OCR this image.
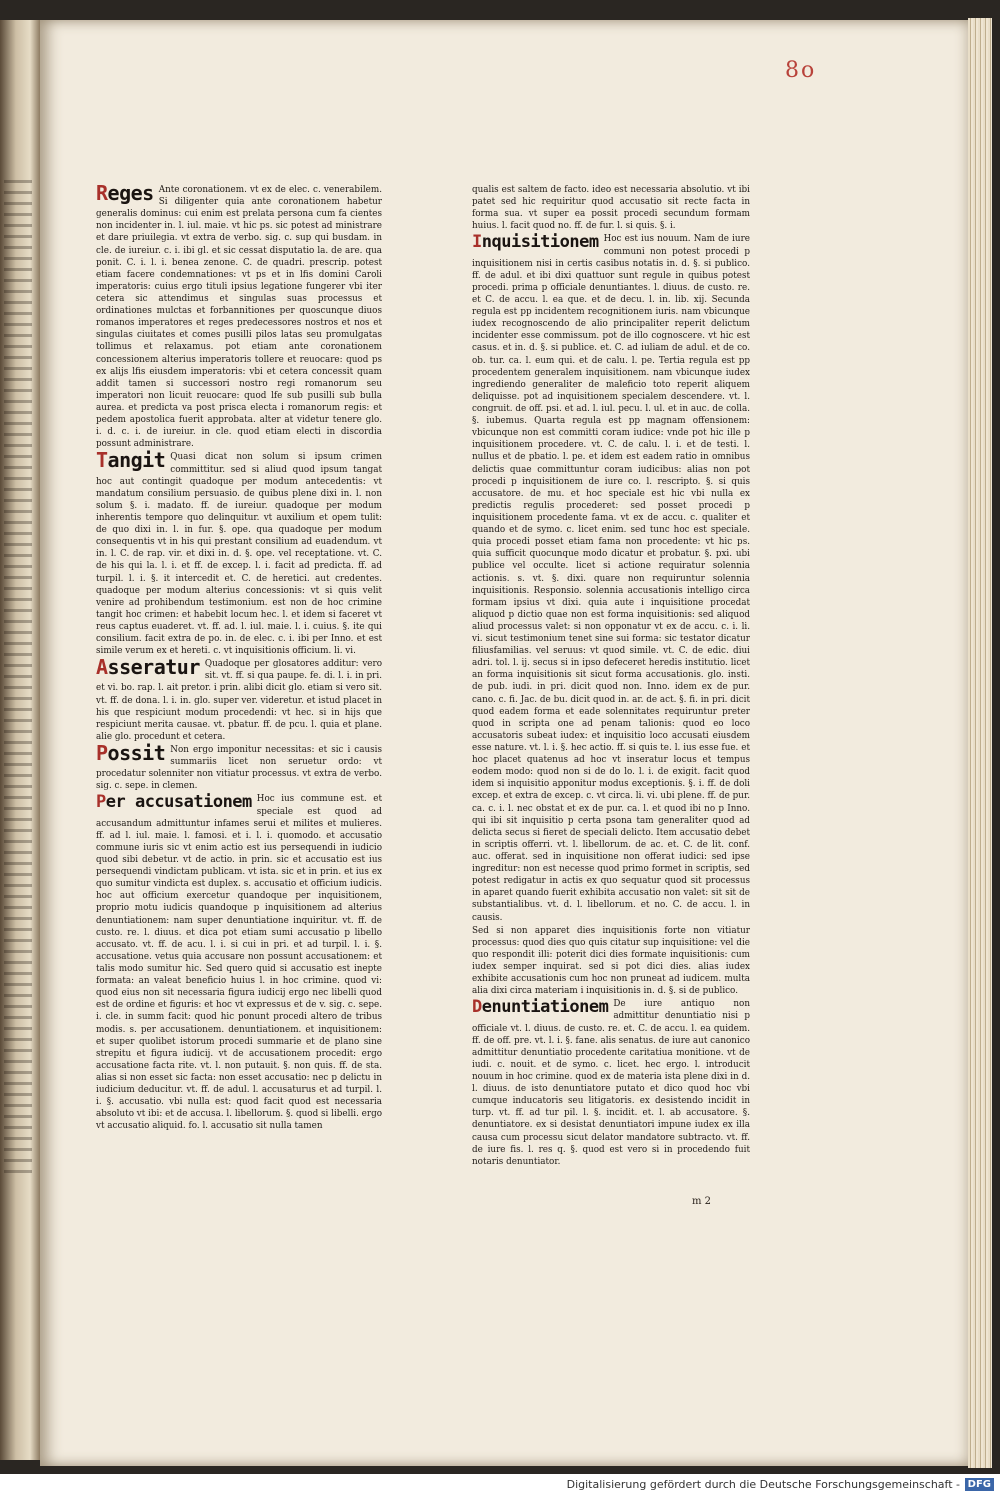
8o
Reges Ante coronationem. vt ex de elec. c. venerabilem. Si diligenter quia ante coronationem habetur generalis dominus: cui enim est prelata persona cum fa cientes non incidenter in. l. iul. maie. vt hic ps. sic potest ad ministrare et dare priuilegia. vt extra de verbo. sig. c. sup qui busdam. in cle. de iureiur. c. i. ibi gl. et sic cessat disputatio la. de are. qua ponit. C. i. l. i. benea zenone. C. de quadri. prescrip. potest etiam facere condemnationes: vt ps et in lfis domini Caroli imperatoris: cuius ergo tituli ipsius legatione fungerer vbi iter cetera sic attendimus et singulas suas processus et ordinationes mulctas et forbannitiones per quoscunque diuos romanos imperatores et reges predecessores nostros et nos et singulas ciuitates et comes pusilli pilos latas seu promulgatas tollimus et relaxamus. pot etiam ante coronationem concessionem alterius imperatoris tollere et reuocare: quod ps ex alijs lfis eiusdem imperatoris: vbi et cetera concessit quam addit tamen si successori nostro regi romanorum seu imperatori non licuit reuocare: quod lfe sub pusilli sub bulla aurea. et predicta va post prisca electa i romanorum regis: et pedem apostolica fuerit approbata. alter at videtur tenere glo. i. d. c. i. de iureiur. in cle. quod etiam electi in discordia possunt administrare.

Tangit Quasi dicat non solum si ipsum crimen committitur. sed si aliud quod ipsum tangat hoc aut contingit quadoque per modum antecedentis: vt mandatum consilium persuasio. de quibus plene dixi in. l. non solum §. i. madato. ff. de iureiur. quadoque per modum inherentis tempore quo delinquitur. vt auxilium et opem tulit: de quo dixi in. l. in fur. §. ope. qua quadoque per modum consequentis vt in his qui prestant consilium ad euadendum. vt in. l. C. de rap. vir. et dixi in. d. §. ope. vel receptatione. vt. C. de his qui la. l. i. et ff. de excep. l. i. facit ad predicta. ff. ad turpil. l. i. §. it intercedit et. C. de heretici. aut credentes. quadoque per modum alterius concessionis: vt si quis velit venire ad prohibendum testimonium. est non de hoc crimine tangit hoc crimen: et habebit locum hec. l. et idem si faceret vt reus captus euaderet. vt. ff. ad. l. iul. maie. l. i. cuius. §. ite qui consilium. facit extra de po. in. de elec. c. i. ibi per Inno. et est simile verum ex et hereti. c. vt inquisitionis officium. li. vi.

Asseratur Quadoque per glosatores additur: vero sit. vt. ff. si qua paupe. fe. di. l. i. in pri. et vi. bo. rap. l. ait pretor. i prin. alibi dicit glo. etiam si vero sit. vt. ff. de dona. l. i. in. glo. super ver. videretur. et istud placet in his que respiciunt modum procedendi: vt hec. si in hijs que respiciunt merita causae. vt. pbatur. ff. de pcu. l. quia et plane. alie glo. procedunt et cetera.

Possit Non ergo imponitur necessitas: et sic i causis summariis licet non seruetur ordo: vt procedatur solenniter non vitiatur processus. vt extra de verbo. sig. c. sepe. in clemen.

Per accusationem Hoc ius commune est. et speciale est quod ad accusandum admittuntur infames serui et milites et mulieres. ff. ad l. iul. maie. l. famosi. et i. l. i. quomodo. et accusatio commune iuris sic vt enim actio est ius persequendi in iudicio quod sibi debetur. vt de actio. in prin. sic et accusatio est ius persequendi vindictam publicam. vt ista. sic et in prin. et ius ex quo sumitur vindicta est duplex. s. accusatio et officium iudicis. hoc aut officium exercetur quandoque per inquisitionem, proprio motu iudicis quandoque p inquisitionem ad alterius denuntiationem: nam super denuntiatione inquiritur. vt. ff. de custo. re. l. diuus. et dica pot etiam sumi accusatio p libello accusato. vt. ff. de acu. l. i. si cui in pri. et ad turpil. l. i. §. accusatione. vetus quia accusare non possunt accusationem: et talis modo sumitur hic. Sed quero quid si accusatio est inepte formata: an valeat beneficio huius l. in hoc crimine. quod vi: quod eius non sit necessaria figura iudicij ergo nec libelli quod est de ordine et figuris: et hoc vt expressus et de v. sig. c. sepe. i. cle. in summ facit: quod hic ponunt procedi altero de tribus modis. s. per accusationem. denuntiationem. et inquisitionem: et super quolibet istorum procedi summarie et de plano sine strepitu et figura iudicij. vt de accusationem procedit: ergo accusatione facta rite. vt. l. non putauit. §. non quis. ff. de sta. alias si non esset sic facta: non esset accusatio: nec p delictu in iudicium deducitur. vt. ff. de adul. l. accusaturus et ad turpil. l. i. §. accusatio. vbi nulla est: quod facit quod est necessaria absoluto vt ibi: et de accusa. l. libellorum. §. quod si libelli. ergo vt accusatio aliquid. fo. l. accusatio sit nulla tamen

qualis est saltem de facto. ideo est necessaria absolutio. vt ibi patet sed hic requiritur quod accusatio sit recte facta in forma sua. vt super ea possit procedi secundum formam huius. l. facit quod no. ff. de fur. l. si quis. §. i.

Inquisitionem Hoc est ius nouum. Nam de iure communi non potest procedi p inquisitionem nisi in certis casibus notatis in. d. §. si publico. ff. de adul. et ibi dixi quattuor sunt regule in quibus potest procedi. prima p officiale denuntiantes. l. diuus. de custo. re. et C. de accu. l. ea que. et de decu. l. in. lib. xij. Secunda regula est pp incidentem recognitionem iuris. nam vbicunque iudex recognoscendo de alio principaliter reperit delictum incidenter esse commissum. pot de illo cognoscere. vt hic est casus. et in. d. §. si publice. et. C. ad iuliam de adul. et de co. ob. tur. ca. l. eum qui. et de calu. l. pe. Tertia regula est pp procedentem generalem inquisitionem. nam vbicunque iudex ingrediendo generaliter de maleficio toto reperit aliquem deliquisse. pot ad inquisitionem specialem descendere. vt. l. congruit. de off. psi. et ad. l. iul. pecu. l. ul. et in auc. de colla. §. iubemus. Quarta regula est pp magnam offensionem: vbicunque non est committi coram iudice: vnde pot hic ille p inquisitionem procedere. vt. C. de calu. l. i. et de testi. l. nullus et de pbatio. l. pe. et idem est eadem ratio in omnibus delictis quae committuntur coram iudicibus: alias non pot procedi p inquisitionem de iure co. l. rescripto. §. si quis accusatore. de mu. et hoc speciale est hic vbi nulla ex predictis regulis procederet: sed posset procedi p inquisitionem procedente fama. vt ex de accu. c. qualiter et quando et de symo. c. licet enim. sed tunc hoc est speciale. quia procedi posset etiam fama non procedente: vt hic ps. quia sufficit quocunque modo dicatur et probatur. §. pxi. ubi publice vel occulte. licet si actione requiratur solennia actionis. s. vt. §. dixi. quare non requiruntur solennia inquisitionis. Responsio. solennia accusationis intelligo circa formam ipsius vt dixi. quia aute i inquisitione procedat aliquod p dictio quae non est forma inquisitionis: sed aliquod aliud processus valet: si non opponatur vt ex de accu. c. i. li. vi. sicut testimonium tenet sine sui forma: sic testator dicatur filiusfamilias. vel seruus: vt quod simile. vt. C. de edic. diui adri. tol. l. ij. secus si in ipso defeceret heredis institutio. licet an forma inquisitionis sit sicut forma accusationis. glo. insti. de pub. iudi. in pri. dicit quod non. Inno. idem ex de pur. cano. c. fi. Jac. de bu. dicit quod in. ar. de act. §. fi. in pri. dicit quod eadem forma et eade solennitates requiruntur preter quod in scripta one ad penam talionis: quod eo loco accusatoris subeat iudex: et inquisitio loco accusati eiusdem esse nature. vt. l. i. §. hec actio. ff. si quis te. l. ius esse fue. et hoc placet quatenus ad hoc vt inseratur locus et tempus eodem modo: quod non si de do lo. l. i. de exigit. facit quod idem si inquisitio apponitur modus exceptionis. §. i. ff. de doli excep. et extra de excep. c. vt circa. li. vi. ubi plene. ff. de pur. ca. c. i. l. nec obstat et ex de pur. ca. l. et quod ibi no p Inno. qui ibi sit inquisitio p certa psona tam generaliter quod ad delicta secus si fieret de speciali delicto. Item accusatio debet in scriptis offerri. vt. l. libellorum. de ac. et. C. de lit. conf. auc. offerat. sed in inquisitione non offerat iudici: sed ipse ingreditur: non est necesse quod primo formet in scriptis, sed potest redigatur in actis ex quo sequatur quod sit processus in aparet quando fuerit exhibita accusatio non valet: sit sit de substantialibus. vt. d. l. libellorum. et no. C. de accu. l. in causis.

Sed si non apparet dies inquisitionis forte non vitiatur processus: quod dies quo quis citatur sup inquisitione: vel die quo respondit illi: poterit dici dies formate inquisitionis: cum iudex semper inquirat. sed si pot dici dies. alias iudex exhibite accusationis cum hoc non pruneat ad iudicem. multa alia dixi circa materiam i inquisitionis in. d. §. si de publico.

Denuntiationem De iure antiquo non admittitur denuntiatio nisi p officiale vt. l. diuus. de custo. re. et. C. de accu. l. ea quidem. ff. de off. pre. vt. l. i. §. fane. alis senatus. de iure aut canonico admittitur denuntiatio procedente caritatiua monitione. vt de iudi. c. nouit. et de symo. c. licet. hec ergo. l. introducit nouum in hoc crimine. quod ex de materia ista plene dixi in d. l. diuus. de isto denuntiatore putato et dico quod hoc vbi cumque inducatoris seu litigatoris. ex desistendo incidit in turp. vt. ff. ad tur pil. l. §. incidit. et. l. ab accusatore. §. denuntiatore. ex si desistat denuntiatori impune iudex ex illa causa cum processu sicut delator mandatore subtracto. vt. ff. de iure fis. l. res q. §. quod est vero si in procedendo fuit notaris denuntiator.

m 2
Digitalisierung gefördert durch die Deutsche Forschungsgemeinschaft - DFG
